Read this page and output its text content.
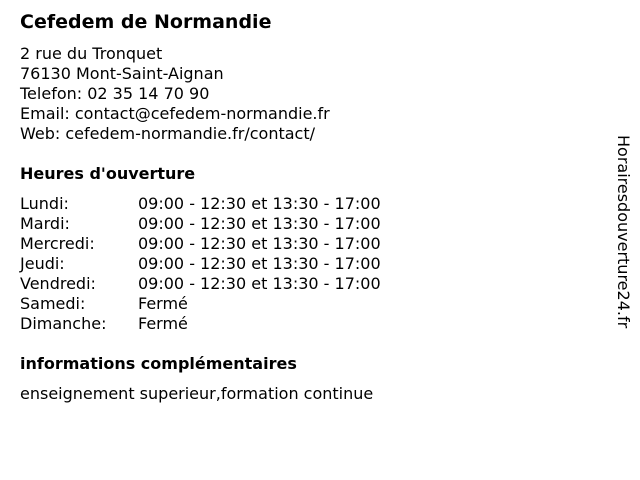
Cefedem de Normandie
2 rue du Tronquet
76130 Mont-Saint-Aignan
Telefon: 02 35 14 70 90
Email: contact@cefedem-normandie.fr
Web: cefedem-normandie.fr/contact/
Heures d'ouverture
Lundi:	09:00 - 12:30 et 13:30 - 17:00
Mardi:	09:00 - 12:30 et 13:30 - 17:00
Mercredi:	09:00 - 12:30 et 13:30 - 17:00
Jeudi:	09:00 - 12:30 et 13:30 - 17:00
Vendredi:	09:00 - 12:30 et 13:30 - 17:00
Samedi:	Fermé
Dimanche:	Fermé
informations complémentaires
enseignement superieur,formation continue
Horairesdouverture24.fr
